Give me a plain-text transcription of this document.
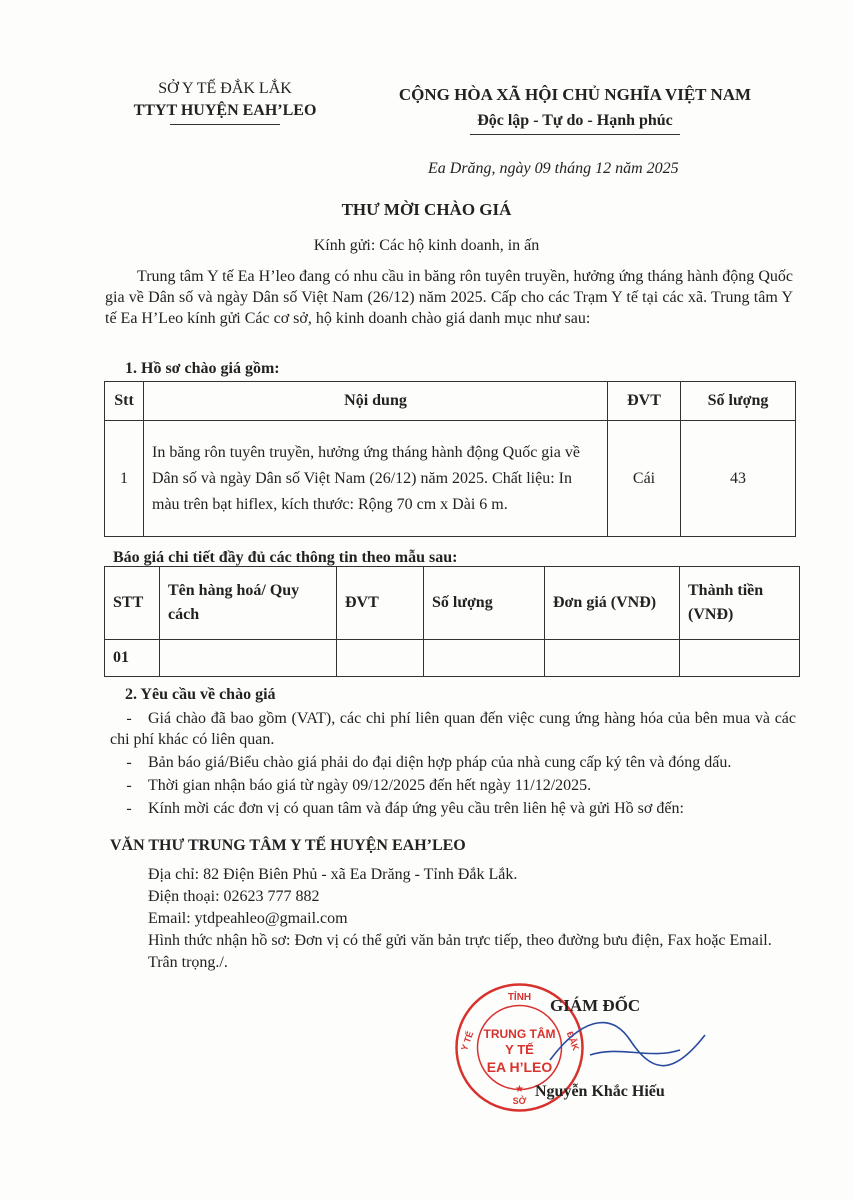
SỞ Y TẾ ĐẮK LẮK
TTYT HUYỆN EAH’LEO
CỘNG HÒA XÃ HỘI CHỦ NGHĨA VIỆT NAM
Độc lập - Tự do - Hạnh phúc
Ea Drăng, ngày 09 tháng 12 năm 2025
THƯ MỜI CHÀO GIÁ
Kính gửi: Các hộ kinh doanh, in ấn
Trung tâm Y tế Ea H’leo đang có nhu cầu in băng rôn tuyên truyền, hưởng ứng tháng hành động Quốc gia về Dân số và ngày Dân số Việt Nam (26/12) năm 2025. Cấp cho các Trạm Y tế tại các xã. Trung tâm Y tế Ea H’Leo kính gửi Các cơ sở, hộ kinh doanh chào giá danh mục như sau:
1. Hồ sơ chào giá gồm:
Stt	Nội dung	ĐVT	Số lượng
1	In băng rôn tuyên truyền, hưởng ứng tháng hành động Quốc gia về Dân số và ngày Dân số Việt Nam (26/12) năm 2025. Chất liệu: In màu trên bạt hiflex, kích thước: Rộng 70 cm x Dài 6 m.	Cái	43
Báo giá chi tiết đầy đủ các thông tin theo mẫu sau:
STT	Tên hàng hoá/ Quy cách	ĐVT	Số lượng	Đơn giá (VNĐ)	Thành tiền (VNĐ)
01					
2. Yêu cầu về chào giá

- Giá chào đã bao gồm (VAT), các chi phí liên quan đến việc cung ứng hàng hóa của bên mua và các chi phí khác có liên quan.

- Bản báo giá/Biểu chào giá phải do đại diện hợp pháp của nhà cung cấp ký tên và đóng dấu.

- Thời gian nhận báo giá từ ngày 09/12/2025 đến hết ngày 11/12/2025.

- Kính mời các đơn vị có quan tâm và đáp ứng yêu cầu trên liên hệ và gửi Hồ sơ đến:

VĂN THƯ TRUNG TÂM Y TẾ HUYỆN EAH’LEO

Địa chỉ: 82 Điện Biên Phủ - xã Ea Drăng - Tỉnh Đắk Lắk.

Điện thoại: 02623 777 882

Email: ytdpeahleo@gmail.com

Hình thức nhận hồ sơ: Đơn vị có thể gửi văn bản trực tiếp, theo đường bưu điện, Fax hoặc Email.

Trân trọng./.

TỈNH
ĐẮK
Y TẾ TRUNG TÂM
Y TẾ
EA H’LEO
SỞ
★
GIÁM ĐỐC
Nguyễn Khắc Hiếu
